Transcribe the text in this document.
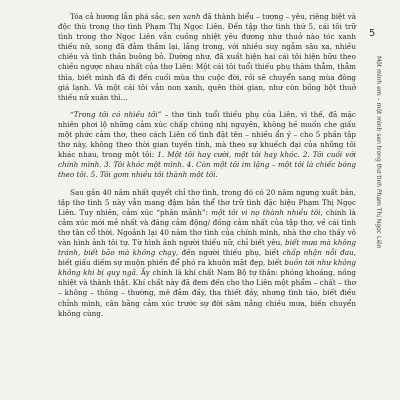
Tóa cả hương lẫn phá sắc, sen xanh đã thành biểu – tượng – yêu, riêng biệt và độc thù trong thơ tình Phạm Thị Ngọc Liên. Đến tập thơ tình thứ 5, cái tôi trữ tình trong thơ Ngọc Liên vẫn cuồng nhiệt yêu đương như thuở nào tóc xanh thiếu nữ, song đã đằm thắm lại, lắng trong, với nhiều suy ngẫm sâu xa, nhiều chiêu và tình thần buông bỏ. Dường như, đã xuất hiện hai cái tôi hiện hữu theo chiều ngược nhau nhất của thơ Liên: Một cái tôi tuổi thiếu phụ thăm thẳm, thẳm thìa, biết mình đã đi đến cuối mùa thu cuộc đời, rồi sẽ chuyển sang mùa đông giá lạnh. Và một cái tôi vẫn non xanh, quên thời gian, như còn bồng bột thuở thiếu nữ xuân thì...

“Trong tôi có nhiều tôi” – thơ tình tuổi thiếu phụ của Liên, vì thế, đã mặc nhiên phơi lộ những cảm xúc chấp chúng nhị nguyên, không hề muốn che giấu một phức cảm thơ, theo cách Liên cố tình đặt tên – nhiều ẩn ý – cho 5 phần tập thơ này, không theo thời gian tuyến tính, mà theo sự khuếch đại của những tôi khác nhau, trong một tôi: 1. Một tôi hay cười, một tôi hay khóc. 2. Tôi cuối với chính mình. 3. Tôi khóc một mình. 4. Còn một tôi im lặng – một tôi là chiếc bóng theo tôi. 5. Tôi gom nhiều tôi thành một tôi.

Sau gần 40 năm nhất quyết chỉ thơ tình, trong đó có 20 năm ngưng xuất bản, tập thơ tình 5 này vẫn mang đậm bản thể thơ trữ tình đặc hiệu Phạm Thị Ngọc Liên. Tuy nhiên, cảm xúc “phân mảnh”: một tôi vi nọ thành nhiều tôi, chính là cảm xúc mới mẻ nhất và đáng cảm động/ đồng cảm nhất của tập thơ, về cái tình thơ tân cổ thời. Ngoảnh lại 40 năm thơ tình của chính mình, nhà thơ cho thấy vô vàn hình ảnh tôi tự. Từ hình ảnh người thiếu nữ, chỉ biết yêu, biết mưa mà không tránh, biết bão mà không chạy, đến người thiếu phụ, biết chấp nhận nỗi đau, biết giấu diếm sự muộn phiền để phó ra khuôn mặt đẹp, biết buồn tới như không không khi bị quy ngã. Ấy chính là khí chất Nam Bộ tự thân: phóng khoáng, nồng nhiệt và thành thật. Khí chất này đã đem đến cho thơ Liên một phẩm – chất – thơ – không – thông – thường, mê đắm đầy, tha thiết đầy, nhưng tình táo, biết điều chỉnh mình, cân bằng cảm xúc trước sự đời sâm nắng chiều mưa, biến chuyển không cùng.

5
Một mình em – một mình sen trong thơ tình Phạm Thị Ngọc Liên
